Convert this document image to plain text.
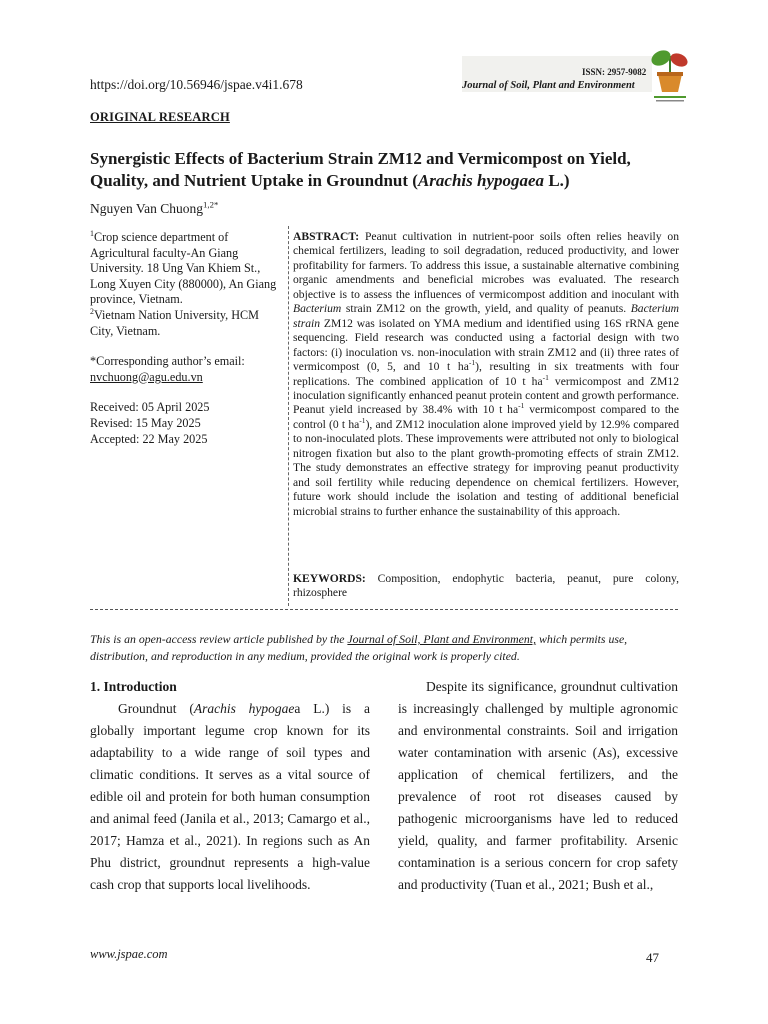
https://doi.org/10.56946/jspae.v4i1.678
ISSN: 2957-9082
Journal of Soil, Plant and Environment
ORIGINAL RESEARCH
Synergistic Effects of Bacterium Strain ZM12 and Vermicompost on Yield, Quality, and Nutrient Uptake in Groundnut (Arachis hypogaea L.)
Nguyen Van Chuong$^{1,2*}$

$^1$Crop science department of Agricultural faculty-An Giang University. 18 Ung Van Khiem St., Long Xuyen City (880000), An Giang province, Vietnam.

$^2$Vietnam Nation University, HCM City, Vietnam.

*Corresponding author’s email:

nvchuong@agu.edu.vn

Received: 05 April 2025

Revised: 15 May 2025

Accepted: 22 May 2025

ABSTRACT: Peanut cultivation in nutrient-poor soils often relies heavily on chemical fertilizers, leading to soil degradation, reduced productivity, and lower profitability for farmers. To address this issue, a sustainable alternative combining organic amendments and beneficial microbes was evaluated. The research objective is to assess the influences of vermicompost addition and inoculant with Bacterium strain ZM12 on the growth, yield, and quality of peanuts. Bacterium strain ZM12 was isolated on YMA medium and identified using 16S rRNA gene sequencing. Field research was conducted using a factorial design with two factors: (i) inoculation vs. non-inoculation with strain ZM12 and (ii) three rates of vermicompost (0, 5, and 10 t $ha^{-1}$), resulting in six treatments with four replications. The combined application of 10 t $ha^{-1}$ vermicompost and ZM12 inoculation significantly enhanced peanut protein content and growth performance. Peanut yield increased by 38.4% with 10 t $ha^{-1}$ vermicompost compared to the control (0 t $ha^{-1}$), and ZM12 inoculation alone improved yield by 12.9% compared to non-inoculated plots. These improvements were attributed not only to biological nitrogen fixation but also to the plant growth-promoting effects of strain ZM12. The study demonstrates an effective strategy for improving peanut productivity and soil fertility while reducing dependence on chemical fertilizers. However, future work should include the isolation and testing of additional beneficial microbial strains to further enhance the sustainability of this approach.
KEYWORDS: Composition, endophytic bacteria, peanut, pure colony, rhizosphere
This is an open-access review article published by the Journal of Soil, Plant and Environment, which permits use, distribution, and reproduction in any medium, provided the original work is properly cited.

1. Introduction

Groundnut (Arachis hypogaea L.) is a globally important legume crop known for its adaptability to a wide range of soil types and climatic conditions. It serves as a vital source of edible oil and protein for both human consumption and animal feed (Janila et al., 2013; Camargo et al., 2017; Hamza et al., 2021). In regions such as An Phu district, groundnut represents a high-value cash crop that supports local livelihoods.

Despite its significance, groundnut cultivation is increasingly challenged by multiple agronomic and environmental constraints. Soil and irrigation water contamination with arsenic (As), excessive application of chemical fertilizers, and the prevalence of root rot diseases caused by pathogenic microorganisms have led to reduced yield, quality, and farmer profitability. Arsenic contamination is a serious concern for crop safety and productivity (Tuan et al., 2021; Bush et al.,

www.jspae.com	47
